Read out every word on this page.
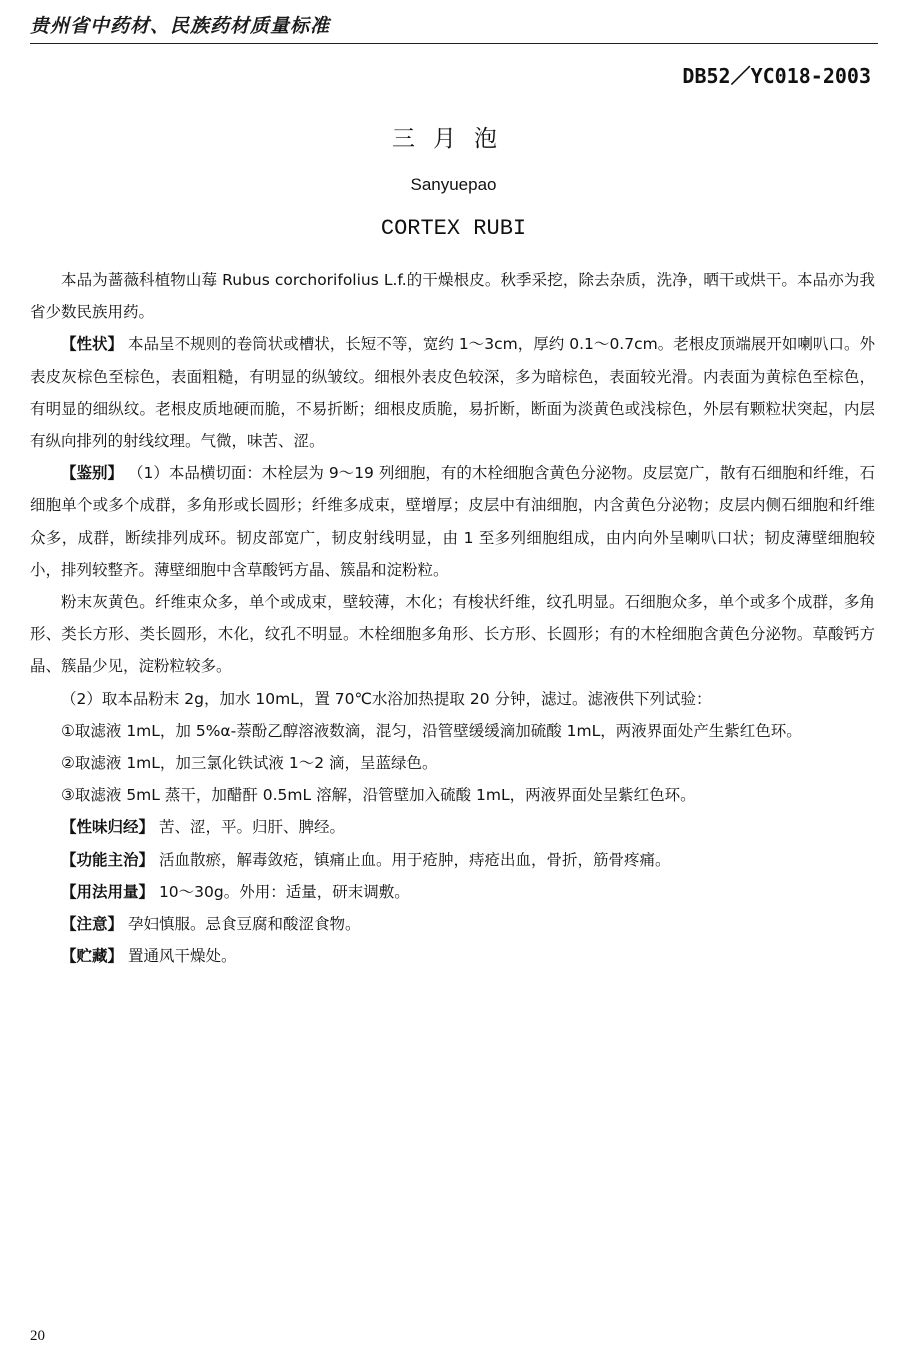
贵州省中药材、民族药材质量标准
DB52／YC018-2003
三月泡
Sanyuepao
CORTEX RUBI

本品为蔷薇科植物山莓 Rubus corchorifolius L.f.的干燥根皮。秋季采挖，除去杂质，洗净，晒干或烘干。本品亦为我省少数民族用药。

【性状】 本品呈不规则的卷筒状或槽状，长短不等，宽约 1～3cm，厚约 0.1～0.7cm。老根皮顶端展开如喇叭口。外表皮灰棕色至棕色，表面粗糙，有明显的纵皱纹。细根外表皮色较深，多为暗棕色，表面较光滑。内表面为黄棕色至棕色，有明显的细纵纹。老根皮质地硬而脆，不易折断；细根皮质脆，易折断，断面为淡黄色或浅棕色，外层有颗粒状突起，内层有纵向排列的射线纹理。气微，味苦、涩。

【鉴别】 （1）本品横切面：木栓层为 9～19 列细胞，有的木栓细胞含黄色分泌物。皮层宽广，散有石细胞和纤维，石细胞单个或多个成群，多角形或长圆形；纤维多成束，壁增厚；皮层中有油细胞，内含黄色分泌物；皮层内侧石细胞和纤维众多，成群，断续排列成环。韧皮部宽广，韧皮射线明显，由 1 至多列细胞组成，由内向外呈喇叭口状；韧皮薄壁细胞较小，排列较整齐。薄壁细胞中含草酸钙方晶、簇晶和淀粉粒。

粉末灰黄色。纤维束众多，单个或成束，壁较薄，木化；有梭状纤维，纹孔明显。石细胞众多，单个或多个成群，多角形、类长方形、类长圆形，木化，纹孔不明显。木栓细胞多角形、长方形、长圆形；有的木栓细胞含黄色分泌物。草酸钙方晶、簇晶少见，淀粉粒较多。

（2）取本品粉末 2g，加水 10mL，置 70℃水浴加热提取 20 分钟，滤过。滤液供下列试验：

①取滤液 1mL，加 5%α-萘酚乙醇溶液数滴，混匀，沿管壁缓缓滴加硫酸 1mL，两液界面处产生紫红色环。

②取滤液 1mL，加三氯化铁试液 1～2 滴，呈蓝绿色。

③取滤液 5mL 蒸干，加醋酐 0.5mL 溶解，沿管壁加入硫酸 1mL，两液界面处呈紫红色环。

【性味归经】 苦、涩，平。归肝、脾经。

【功能主治】 活血散瘀，解毒敛疮，镇痛止血。用于疮肿，痔疮出血，骨折，筋骨疼痛。

【用法用量】 10～30g。外用：适量，研末调敷。

【注意】 孕妇慎服。忌食豆腐和酸涩食物。

【贮藏】 置通风干燥处。

20
